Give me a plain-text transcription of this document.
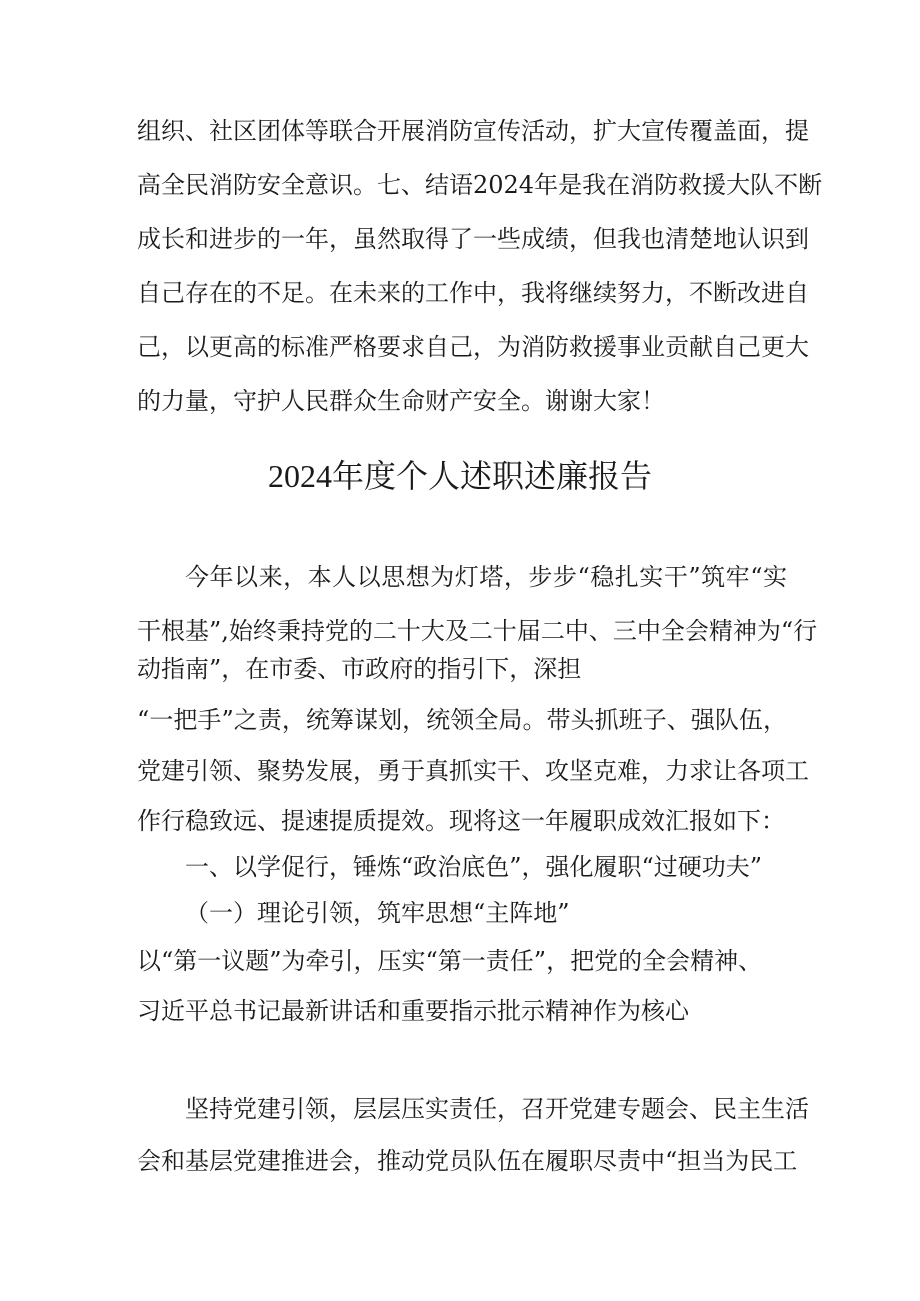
组织、社区团体等联合开展消防宣传活动，扩大宣传覆盖面，提
高全民消防安全意识。七、结语2024年是我在消防救援大队不断
成长和进步的一年，虽然取得了一些成绩，但我也清楚地认识到
自己存在的不足。在未来的工作中，我将继续努力，不断改进自
己，以更高的标准严格要求自己，为消防救援事业贡献自己更大
的力量，守护人民群众生命财产安全。谢谢大家！
2024年度个人述职述廉报告
今年以来，本人以思想为灯塔，步步“稳扎实干”筑牢“实
干根基”,始终秉持党的二十大及二十届二中、三中全会精神为“行
动指南”，在市委、市政府的指引下，深担
“一把手”之责，统筹谋划，统领全局。带头抓班子、强队伍，
党建引领、聚势发展，勇于真抓实干、攻坚克难，力求让各项工
作行稳致远、提速提质提效。现将这一年履职成效汇报如下：
一、以学促行，锤炼“政治底色”，强化履职“过硬功夫”
（一）理论引领，筑牢思想“主阵地”
以“第一议题”为牵引，压实“第一责任”，把党的全会精神、
习近平总书记最新讲话和重要指示批示精神作为核心
坚持党建引领，层层压实责任，召开党建专题会、民主生活
会和基层党建推进会，推动党员队伍在履职尽责中“担当为民工
